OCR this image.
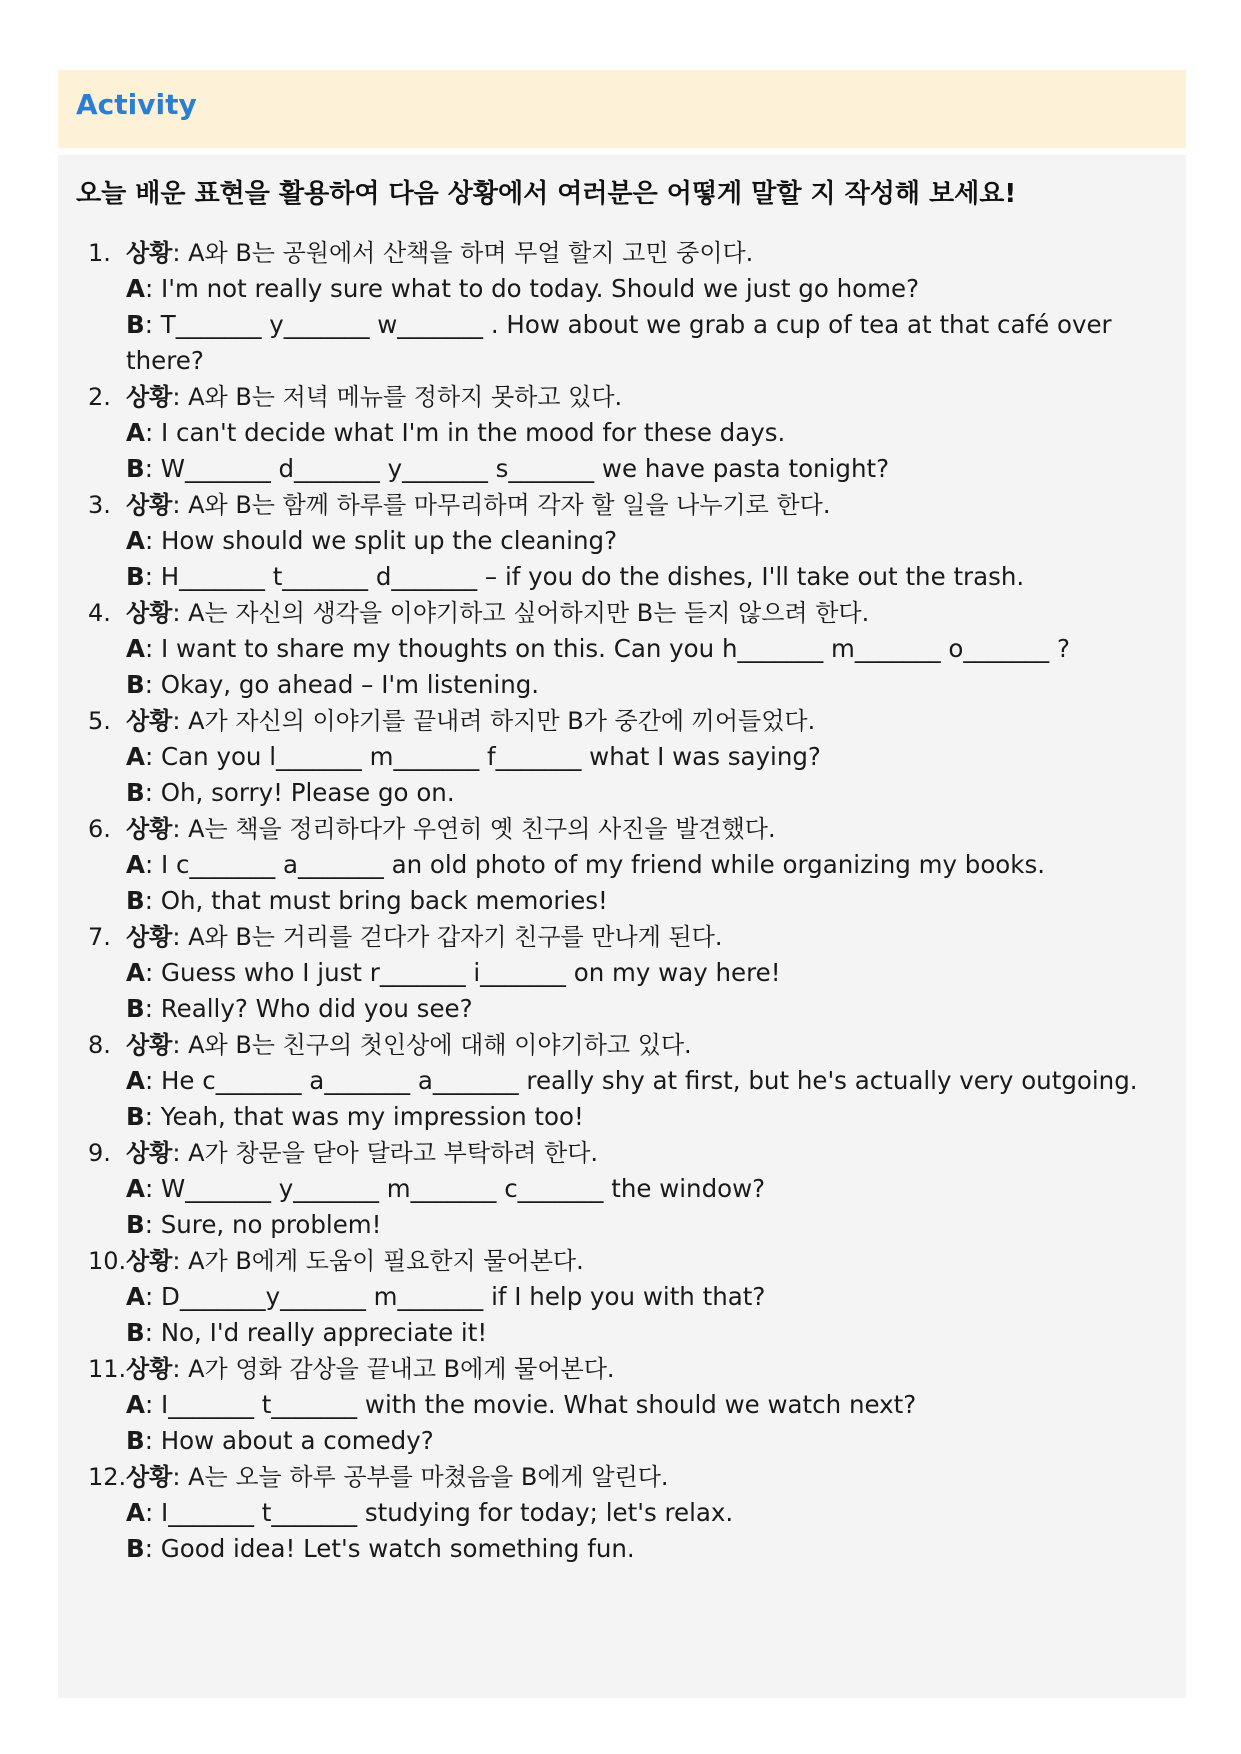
Activity
오늘 배운 표현을 활용하여 다음 상황에서 여러분은 어떻게 말할 지 작성해 보세요!
1. 상황: A와 B는 공원에서 산책을 하며 무얼 할지 고민 중이다.
A: I'm not really sure what to do today. Should we just go home?
B: T_______ y_______ w_______ . How about we grab a cup of tea at that café over there?
2. 상황: A와 B는 저녁 메뉴를 정하지 못하고 있다.
A: I can't decide what I'm in the mood for these days.
B: W_______ d_______ y_______ s_______ we have pasta tonight?
3. 상황: A와 B는 함께 하루를 마무리하며 각자 할 일을 나누기로 한다.
A: How should we split up the cleaning?
B: H_______ t_______ d_______ – if you do the dishes, I'll take out the trash.
4. 상황: A는 자신의 생각을 이야기하고 싶어하지만 B는 듣지 않으려 한다.
A: I want to share my thoughts on this. Can you h_______ m_______ o_______ ?
B: Okay, go ahead – I'm listening.
5. 상황: A가 자신의 이야기를 끝내려 하지만 B가 중간에 끼어들었다.
A: Can you l_______ m_______ f_______ what I was saying?
B: Oh, sorry! Please go on.
6. 상황: A는 책을 정리하다가 우연히 옛 친구의 사진을 발견했다.
A: I c_______ a_______ an old photo of my friend while organizing my books.
B: Oh, that must bring back memories!
7. 상황: A와 B는 거리를 걷다가 갑자기 친구를 만나게 된다.
A: Guess who I just r_______ i_______ on my way here!
B: Really? Who did you see?
8. 상황: A와 B는 친구의 첫인상에 대해 이야기하고 있다.
A: He c_______ a_______ a_______ really shy at first, but he's actually very outgoing.
B: Yeah, that was my impression too!
9. 상황: A가 창문을 닫아 달라고 부탁하려 한다.
A: W_______ y_______ m_______ c_______ the window?
B: Sure, no problem!
10. 상황: A가 B에게 도움이 필요한지 물어본다.
A: D_______y_______ m_______ if I help you with that?
B: No, I'd really appreciate it!
11. 상황: A가 영화 감상을 끝내고 B에게 물어본다.
A: I_______ t_______ with the movie. What should we watch next?
B: How about a comedy?
12. 상황: A는 오늘 하루 공부를 마쳤음을 B에게 알린다.
A: I_______ t_______ studying for today; let's relax.
B: Good idea! Let's watch something fun.
